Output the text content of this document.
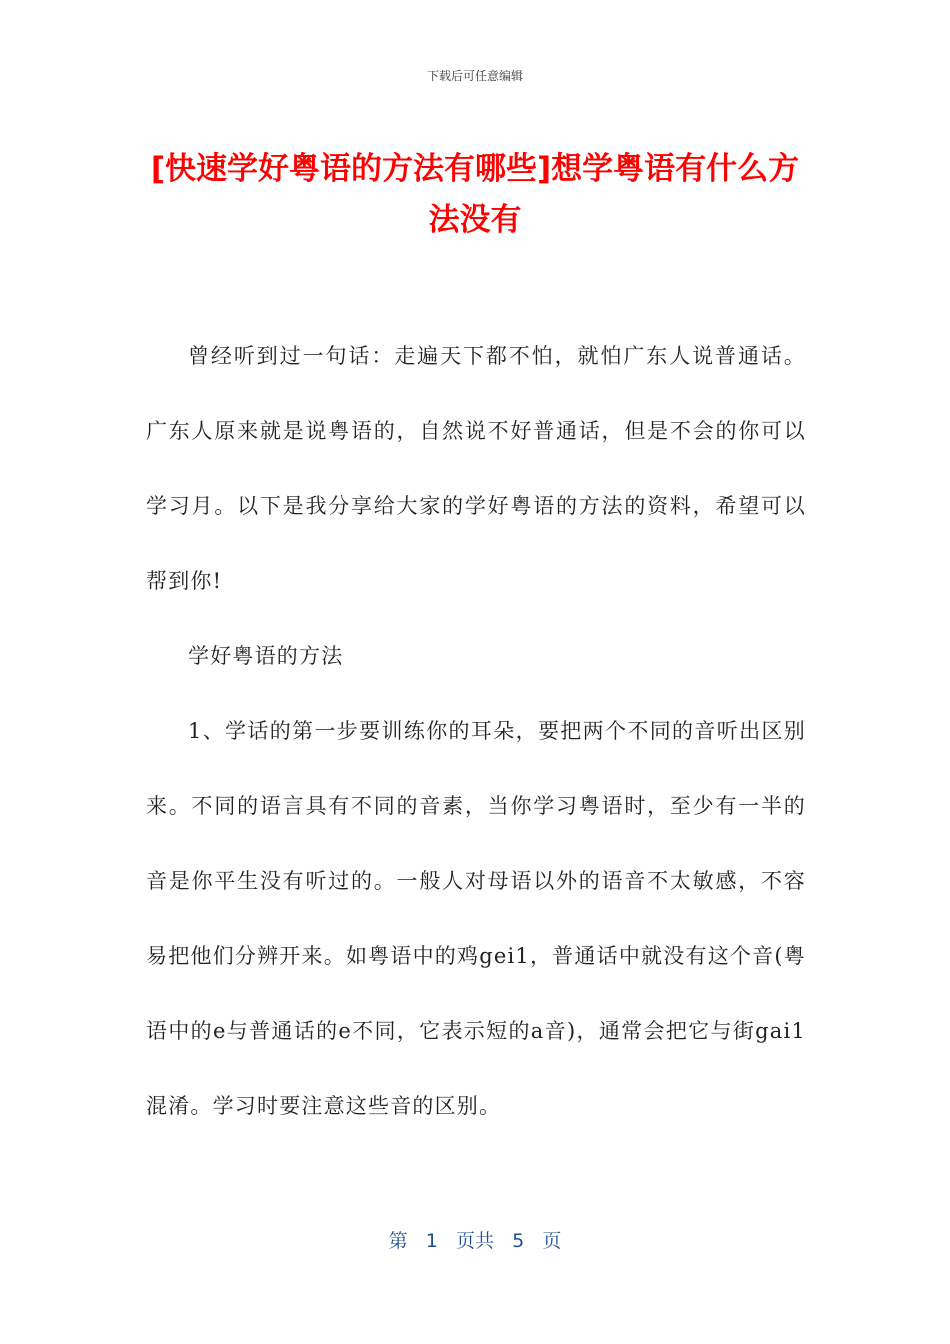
下载后可任意编辑
[快速学好粤语的方法有哪些]想学粤语有什么方法没有

曾经听到过一句话：走遍天下都不怕，就怕广东人说普通话。广东人原来就是说粤语的，自然说不好普通话，但是不会的你可以学习月。以下是我分享给大家的学好粤语的方法的资料，希望可以帮到你!

学好粤语的方法

1、学话的第一步要训练你的耳朵，要把两个不同的音听出区别来。不同的语言具有不同的音素，当你学习粤语时，至少有一半的音是你平生没有听过的。一般人对母语以外的语音不太敏感，不容易把他们分辨开来。如粤语中的鸡gei1，普通话中就没有这个音(粤语中的e与普通话的e不同，它表示短的a音)，通常会把它与街gai1混淆。学习时要注意这些音的区别。

第 1 页共 5 页
